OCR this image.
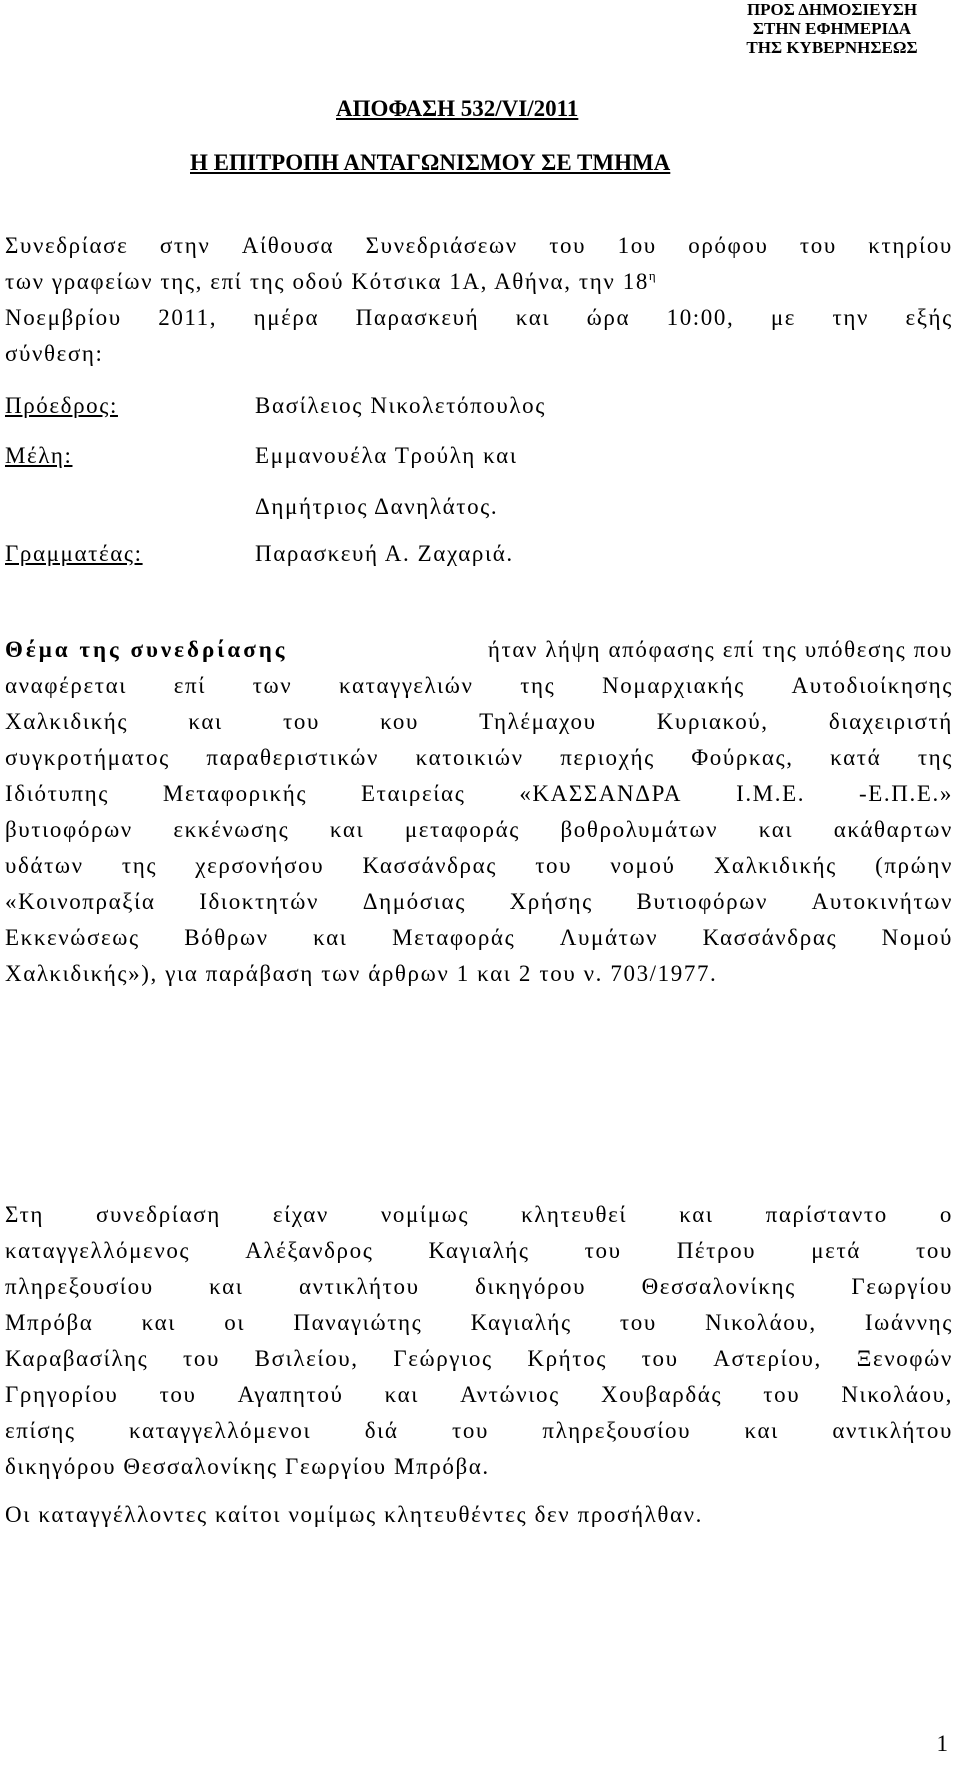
ΠΡΟΣ ΔΗΜΟΣΙΕΥΣΗ
ΣΤΗΝ ΕΦΗΜΕΡΙΔΑ
ΤΗΣ ΚΥΒΕΡΝΗΣΕΩΣ
ΑΠΟΦΑΣΗ 532/VI/2011
Η ΕΠΙΤΡΟΠΗ ΑΝΤΑΓΩΝΙΣΜΟΥ ΣΕ ΤΜΗΜΑ
Συνεδρίασε στην Αίθουσα Συνεδριάσεων του 1ου ορόφου του κτηρίου
των γραφείων της, επί της οδού Κότσικα 1Α, Αθήνα, την 18η
Νοεμβρίου 2011, ημέρα Παρασκευή και ώρα 10:00, με την εξής
σύνθεση:
Πρόεδρος:	Βασίλειος Νικολετόπουλος
Μέλη:	Εμμανουέλα Τρούλη και
Δημήτριος Δανηλάτος.
Γραμματέας:	Παρασκευή Α. Ζαχαριά.
Θέμα της συνεδρίασης	ήταν λήψη απόφασης επί της υπόθεσης που
αναφέρεται επί των καταγγελιών της Νομαρχιακής Αυτοδιοίκησης
Χαλκιδικής	και	του	κου	Τηλέμαχου	Κυριακού,	διαχειριστή
συγκροτήματος παραθεριστικών κατοικιών περιοχής Φούρκας, κατά της
Ιδιότυπης Μεταφορικής Εταιρείας «ΚΑΣΣΑΝΔΡΑ Ι.Μ.Ε. -Ε.Π.Ε.»
βυτιοφόρων εκκένωσης και μεταφοράς βοθρολυμάτων και ακάθαρτων
υδάτων της χερσονήσου Κασσάνδρας του νομού Χαλκιδικής (πρώην
«Κοινοπραξία Ιδιοκτητών Δημόσιας Χρήσης Βυτιοφόρων Αυτοκινήτων
Εκκενώσεως Βόθρων και Μεταφοράς Λυμάτων Κασσάνδρας Νομού
Χαλκιδικής»), για παράβαση των άρθρων 1 και 2 του ν. 703/1977.
Στη συνεδρίαση είχαν νομίμως κλητευθεί και παρίσταντο ο
καταγγελλόμενος Αλέξανδρος Καγιαλής του Πέτρου μετά του
πληρεξουσίου και αντικλήτου δικηγόρου Θεσσαλονίκης Γεωργίου
Μπρόβα και οι Παναγιώτης Καγιαλής του Νικολάου, Ιωάννης
Καραβασίλης του Βσιλείου, Γεώργιος Κρήτος του Αστερίου, Ξενοφών
Γρηγορίου του Αγαπητού και Αντώνιος Χουβαρδάς του Νικολάου,
επίσης καταγγελλόμενοι διά του πληρεξουσίου και αντικλήτου
δικηγόρου Θεσσαλονίκης Γεωργίου Μπρόβα.
Οι καταγγέλλοντες καίτοι νομίμως κλητευθέντες δεν προσήλθαν.
1
